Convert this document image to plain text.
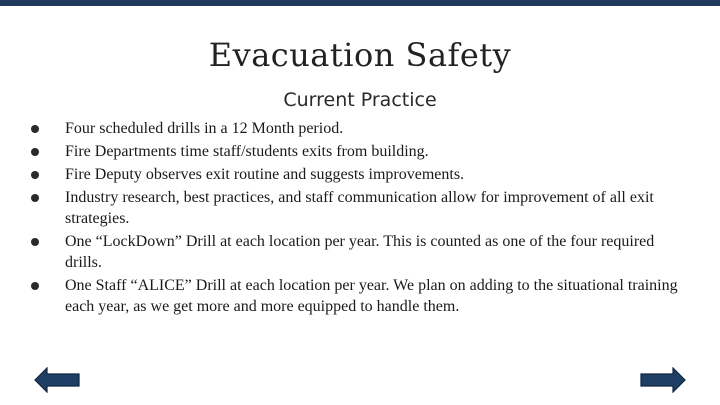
Evacuation Safety
Current Practice
Four scheduled drills in a 12 Month period.
Fire Departments time staff/students exits from building.
Fire Deputy observes exit routine and suggests improvements.
Industry research, best practices, and staff communication allow for improvement of all exit strategies.
One “LockDown” Drill at each location per year. This is counted as one of the four required drills.
One Staff “ALICE” Drill at each location per year. We plan on adding to the situational training each year, as we get more and more equipped to handle them.
